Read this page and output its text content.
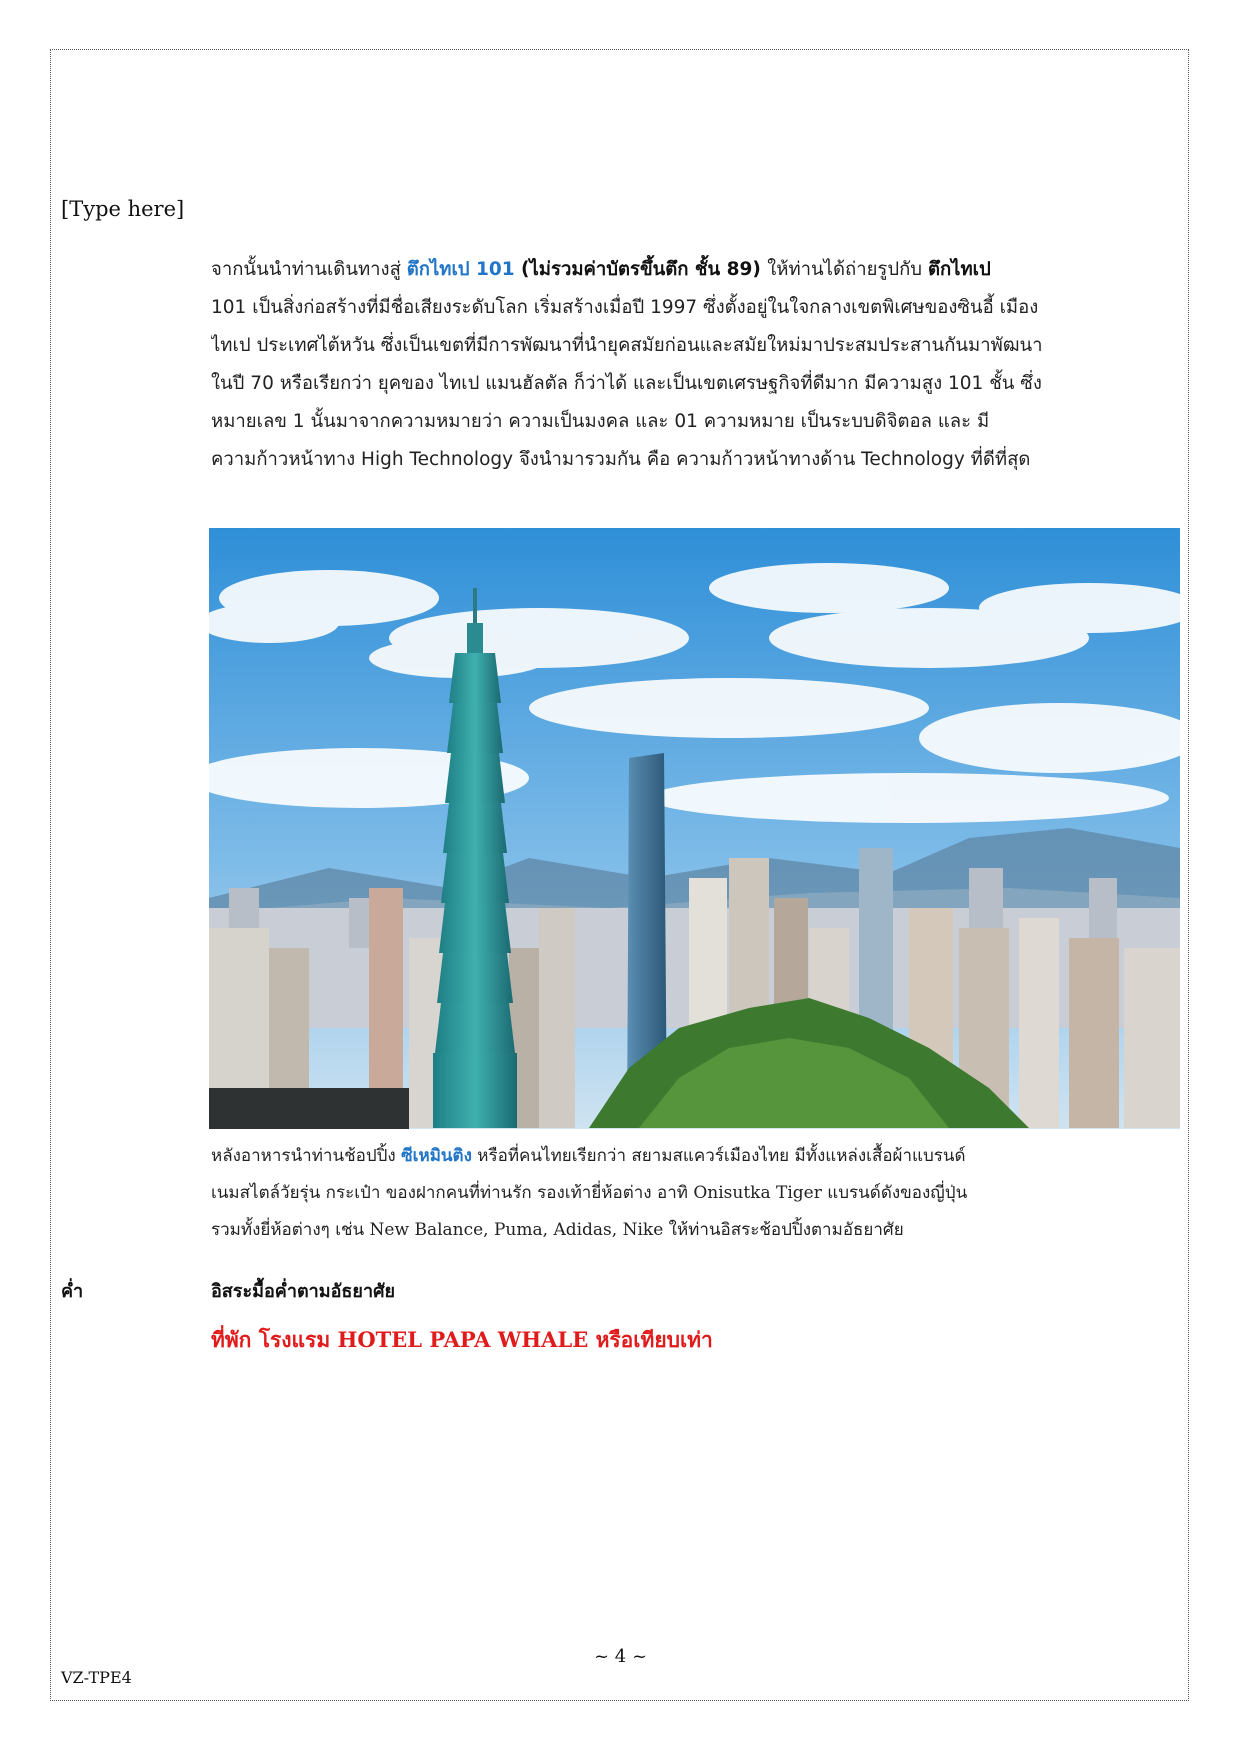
[Type here]
จากนั้นนำท่านเดินทางสู่ ตึกไทเป 101 (ไม่รวมค่าบัตรขึ้นตึก ชั้น 89) ให้ท่านได้ถ่ายรูปกับ ตึกไทเป
101 เป็นสิ่งก่อสร้างที่มีชื่อเสียงระดับโลก เริ่มสร้างเมื่อปี 1997 ซึ่งตั้งอยู่ในใจกลางเขตพิเศษของซินอี้ เมือง
ไทเป ประเทศไต้หวัน ซึ่งเป็นเขตที่มีการพัฒนาที่นำยุคสมัยก่อนและสมัยใหม่มาประสมประสานกันมาพัฒนา
ในปี 70 หรือเรียกว่า ยุคของ ไทเป แมนฮัลตัล ก็ว่าได้ และเป็นเขตเศรษฐกิจที่ดีมาก มีความสูง 101 ชั้น ซึ่ง
หมายเลข 1 นั้นมาจากความหมายว่า ความเป็นมงคล และ 01 ความหมาย เป็นระบบดิจิตอล และ มี
ความก้าวหน้าทาง High Technology จึงนำมารวมกัน คือ ความก้าวหน้าทางด้าน Technology ที่ดีที่สุด
หลังอาหารนำท่านช้อปปิ้ง ซีเหมินติง หรือที่คนไทยเรียกว่า สยามสแควร์เมืองไทย มีทั้งแหล่งเสื้อผ้าแบรนด์
เนมสไตล์วัยรุ่น กระเป๋า ของฝากคนที่ท่านรัก รองเท้ายี่ห้อต่าง อาทิ Onisutka Tiger แบรนด์ดังของญี่ปุ่น
รวมทั้งยี่ห้อต่างๆ เช่น New Balance, Puma, Adidas, Nike ให้ท่านอิสระช้อปปิ้งตามอัธยาศัย
ค่ำ	อิสระมื้อค่ำตามอัธยาศัย
ที่พัก โรงแรม HOTEL PAPA WHALE หรือเทียบเท่า
~ 4 ~
VZ-TPE4
